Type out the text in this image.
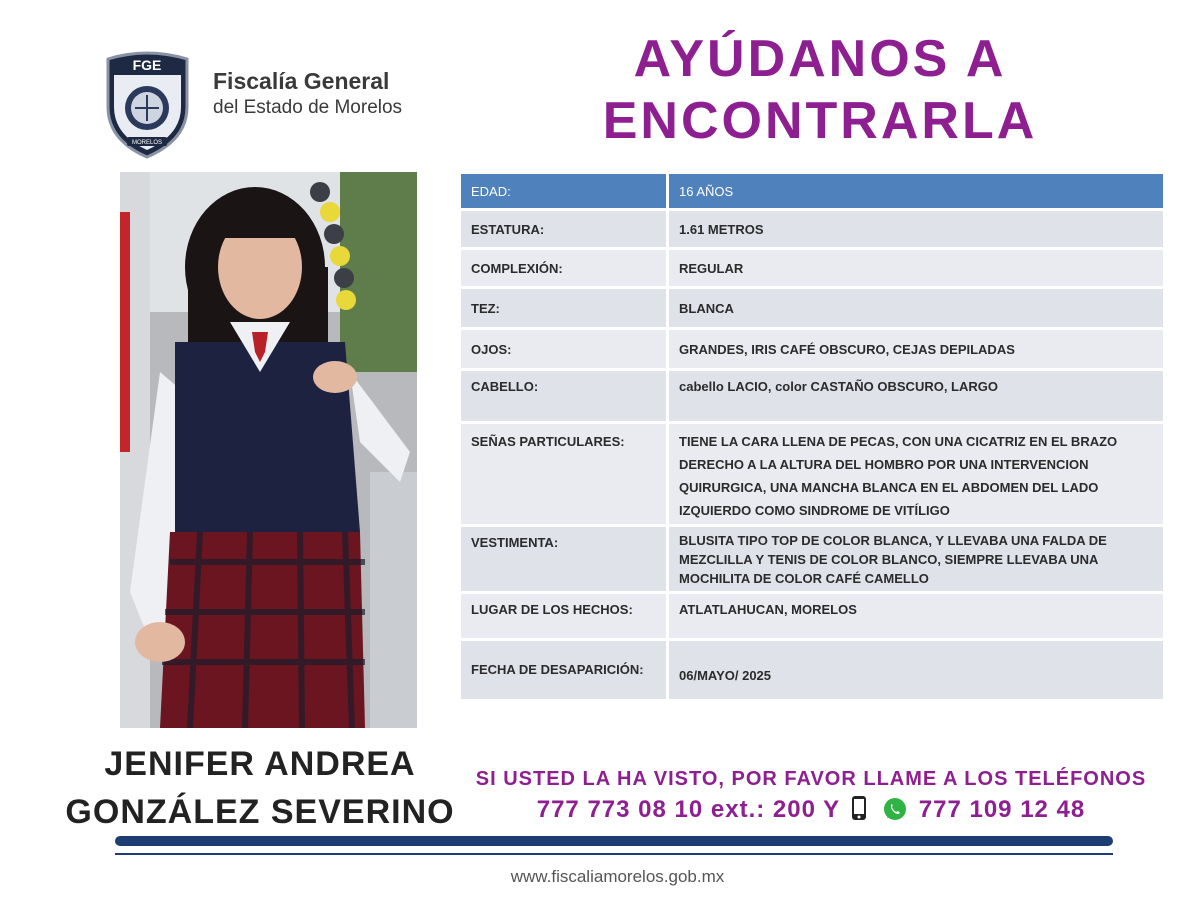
FGE
MORELOS
Fiscalía General
del Estado de Morelos
AYÚDANOS A
ENCONTRARLA
EDAD:	16 AÑOS
ESTATURA:	1.61 METROS
COMPLEXIÓN:	REGULAR
TEZ:	BLANCA
OJOS:	GRANDES, IRIS CAFÉ OBSCURO, CEJAS DEPILADAS
CABELLO:	cabello LACIO, color CASTAÑO OBSCURO, LARGO
SEÑAS PARTICULARES:	TIENE LA CARA LLENA DE PECAS, CON UNA CICATRIZ EN EL BRAZO DERECHO A LA ALTURA DEL HOMBRO POR UNA INTERVENCION QUIRURGICA, UNA MANCHA BLANCA EN EL ABDOMEN DEL LADO IZQUIERDO COMO SINDROME DE VITÍLIGO
VESTIMENTA:	BLUSITA TIPO TOP DE COLOR BLANCA, Y LLEVABA UNA FALDA DE MEZCLILLA Y TENIS DE COLOR BLANCO, SIEMPRE LLEVABA UNA MOCHILITA DE COLOR CAFÉ CAMELLO
LUGAR DE LOS HECHOS:	ATLATLAHUCAN, MORELOS
FECHA DE DESAPARICIÓN:	06/MAYO/ 2025
JENIFER ANDREA
GONZÁLEZ SEVERINO
SI USTED LA HA VISTO, POR FAVOR LLAME A LOS TELÉFONOS
777 773 08 10 ext.: 200 Y	777 109 12 48
www.fiscaliamorelos.gob.mx
